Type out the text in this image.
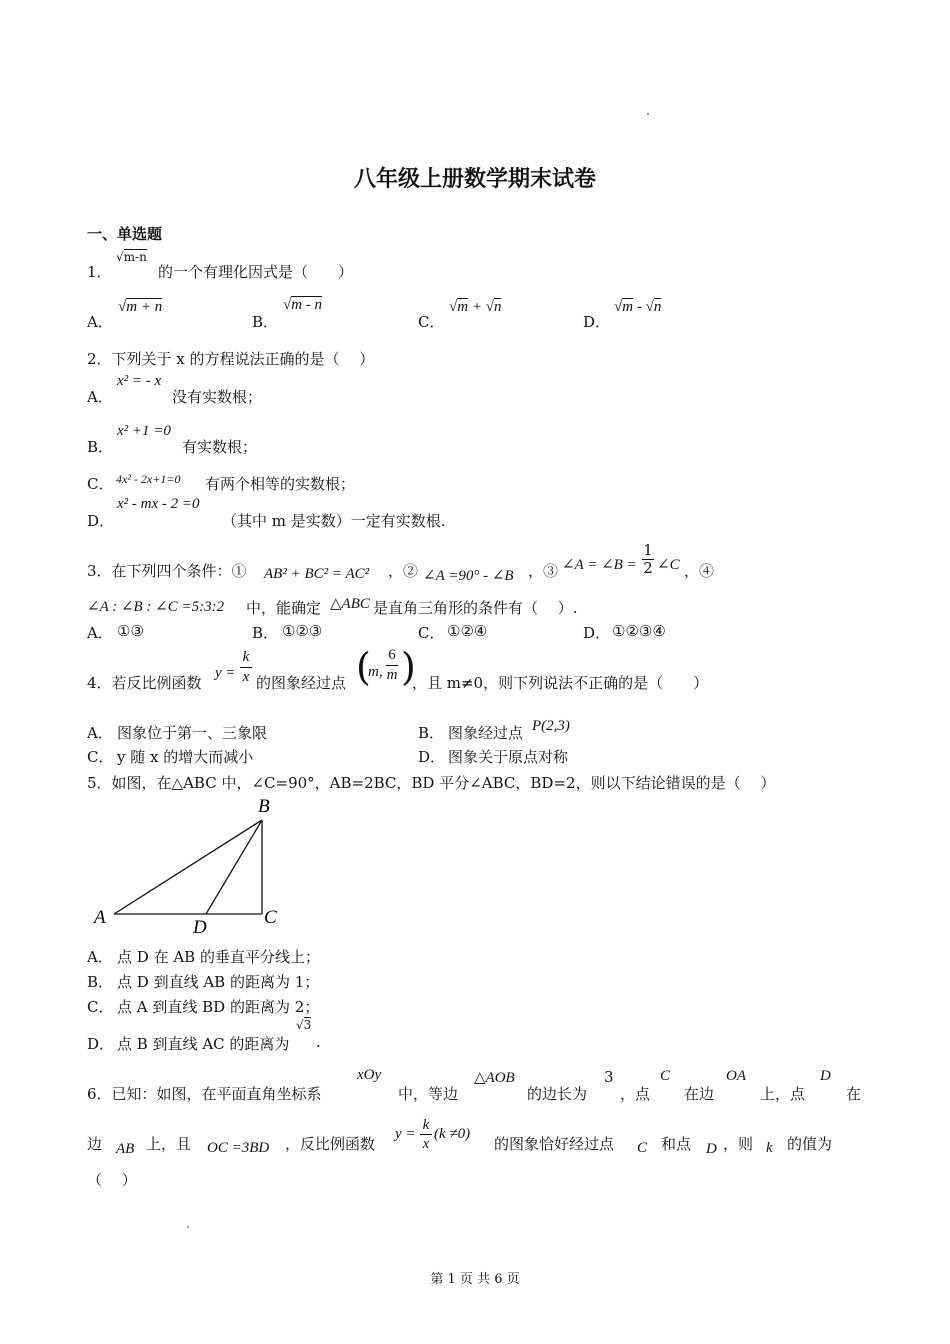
八年级上册数学期末试卷
一、单选题
1．
√m-n
的一个有理化因式是（　　）
A．
√m + n
B．
√m - n
C．
√m + √n
D．
√m - √n
2．下列关于 x 的方程说法正确的是（　 ）
A．
x² = - x
没有实数根；
B．
x² +1 =0
有实数根；
C． 4x² - 2x+1=0 有两个相等的实数根；
D．
x² - mx - 2 =0
（其中 m 是实数）一定有实数根.
3．在下列四个条件：① AB² + BC² = AC² ，② ∠A =90° - ∠B ，③ ∠A = ∠B = $\frac{1}{2}$ ∠C ，④
∠A : ∠B : ∠C =5:3:2 中，能确定 △ABC 是直角三角形的条件有（　 ）.
A． ①③	B． ①②③	C． ①②④	D． ①②③④
4．若反比例函数
$y = \frac{k}{x}$ 的图象经过点 (
m, $\frac{6}{m}$ )
，且 m≠0，则下列说法不正确的是（　　）
A． 图象位于第一、三象限	B． 图象经过点 P(2,3)
C． y 随 x 的增大而减小	D． 图象关于原点对称
5．如图，在△ABC 中，∠C=90°，AB=2BC，BD 平分∠ABC，BD=2，则以下结论错误的是（　 ）
B
A	C
D
A． 点 D 在 AB 的垂直平分线上；
B． 点 D 到直线 AB 的距离为 1；
C． 点 A 到直线 BD 的距离为 2；
D． 点 B 到直线 AC 的距离为
√3
.
6．已知：如图，在平面直角坐标系
xOy
中，等边
△AOB
的边长为
3
，点
C
在边
OA
上，点
D
在
边 AB 上，且 OC =3BD ，反比例函数
$y = \frac{k}{x} (k \ne 0)$
的图象恰好经过点 C 和点 D ，则 k 的值为
（　 ）
第 1 页 共 6 页
